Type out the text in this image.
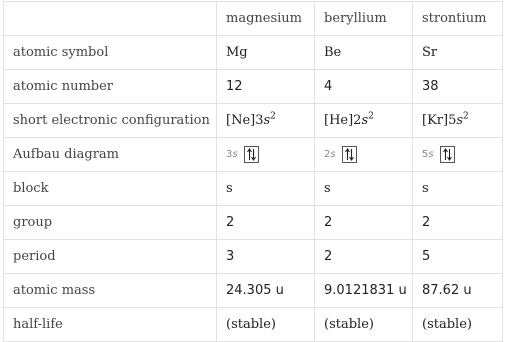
	magnesium	beryllium	strontium
atomic symbol	Mg	Be	Sr
atomic number	12	4	38
short electronic configuration	$[Ne]3s^2$	$[He]2s^2$	$[Kr]5s^2$
Aufbau diagram	3s	2s	5s

block	s	s	s
group	2	2	2
period	3	2	5
atomic mass	24.305 u	9.0121831 u	87.62 u
half-life	(stable)	(stable)	(stable)
